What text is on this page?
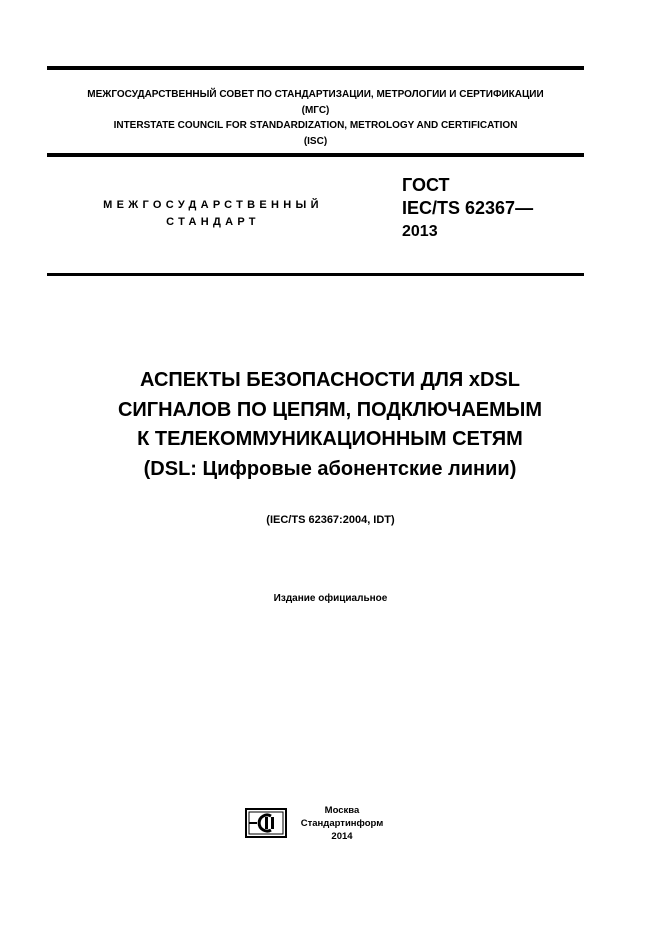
МЕЖГОСУДАРСТВЕННЫЙ СОВЕТ ПО СТАНДАРТИЗАЦИИ, МЕТРОЛОГИИ И СЕРТИФИКАЦИИ
(МГС)
INTERSTATE COUNCIL FOR STANDARDIZATION, METROLOGY AND CERTIFICATION
(ISC)
МЕЖГОСУДАРСТВЕННЫЙ
СТАНДАРТ
ГОСТ
IEC/TS 62367—
2013
АСПЕКТЫ БЕЗОПАСНОСТИ ДЛЯ xDSL
СИГНАЛОВ ПО ЦЕПЯМ, ПОДКЛЮЧАЕМЫМ
К ТЕЛЕКОММУНИКАЦИОННЫМ СЕТЯМ
(DSL: Цифровые абонентские линии)
(IEC/TS 62367:2004, IDT)
Издание официальное
Москва
Стандартинформ
2014
